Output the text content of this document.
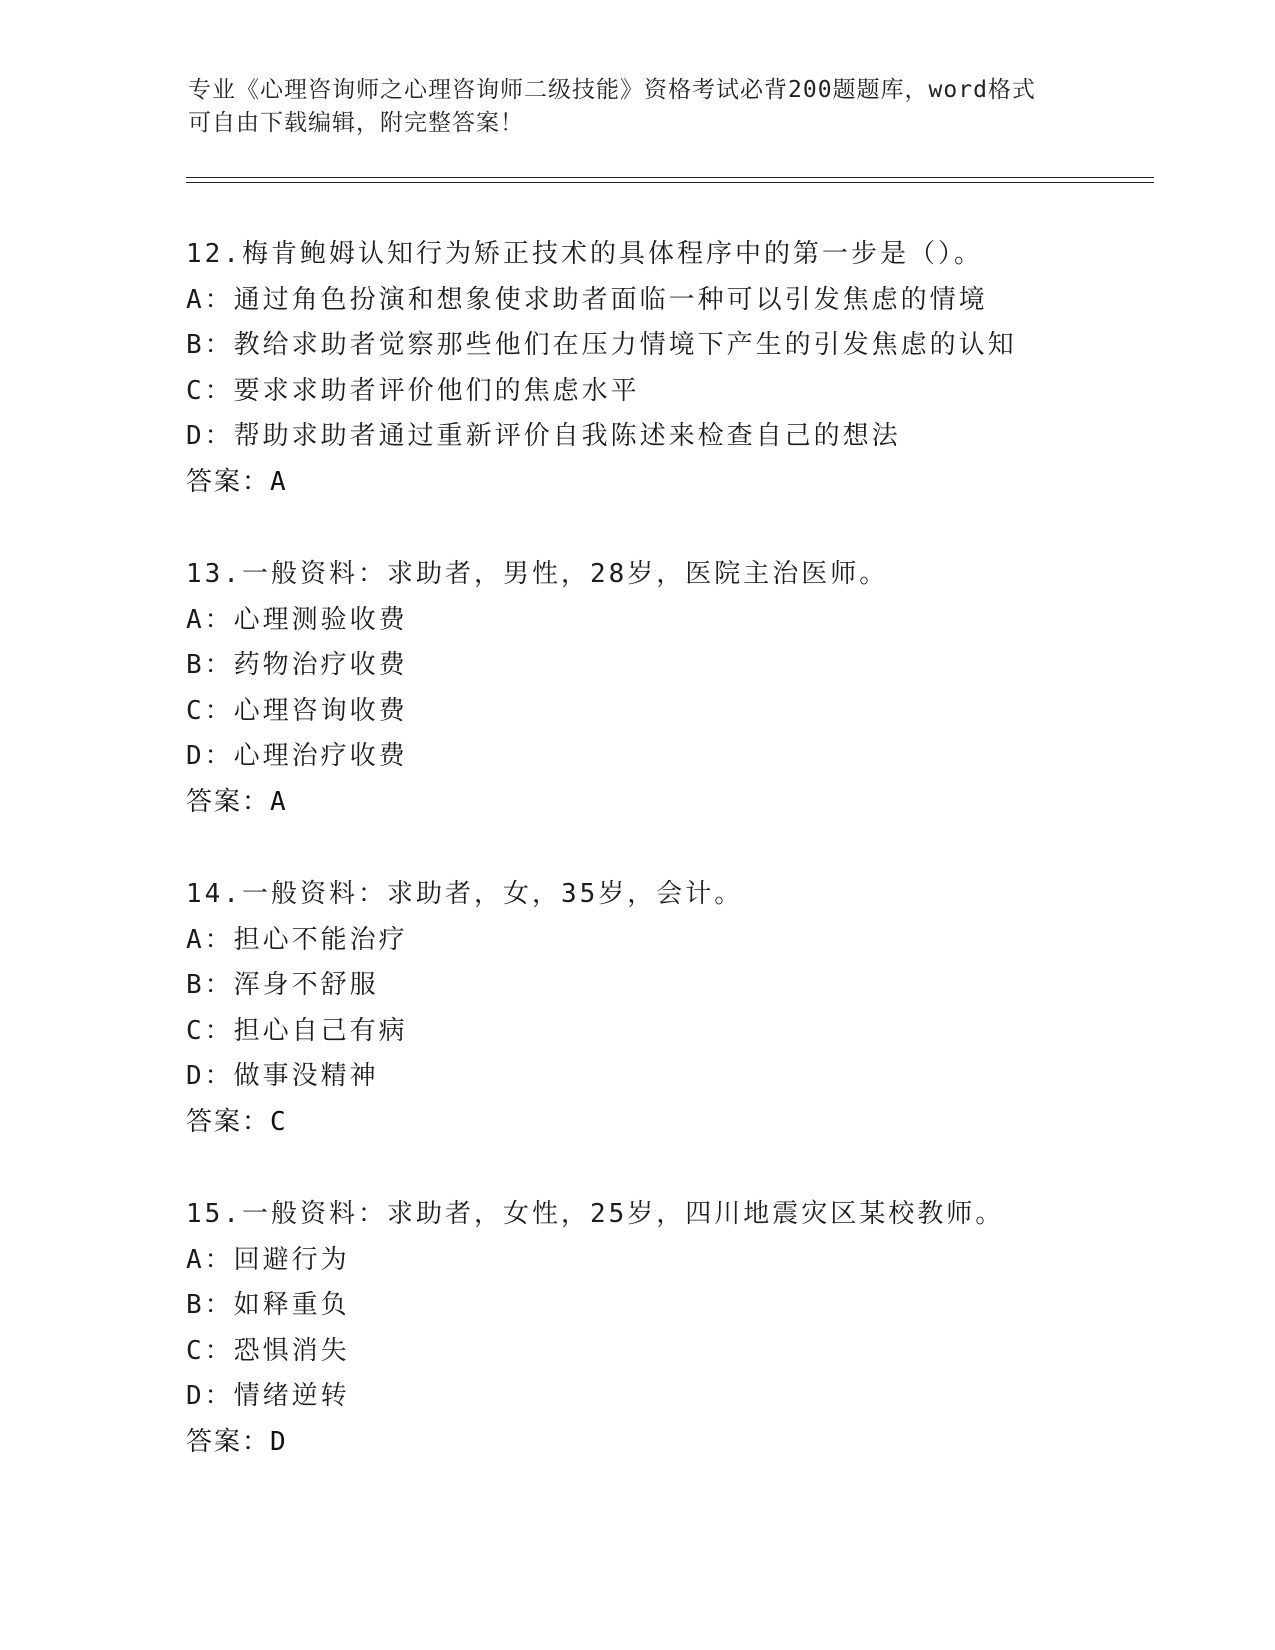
专业《心理咨询师之心理咨询师二级技能》资格考试必背200题题库，word格式
可自由下载编辑，附完整答案！
12.梅肯鲍姆认知行为矫正技术的具体程序中的第一步是（）。
A：通过角色扮演和想象使求助者面临一种可以引发焦虑的情境
B：教给求助者觉察那些他们在压力情境下产生的引发焦虑的认知
C：要求求助者评价他们的焦虑水平
D：帮助求助者通过重新评价自我陈述来检查自己的想法
答案：A
13.一般资料：求助者，男性，28岁，医院主治医师。
A：心理测验收费
B：药物治疗收费
C：心理咨询收费
D：心理治疗收费
答案：A
14.一般资料：求助者，女，35岁，会计。
A：担心不能治疗
B：浑身不舒服
C：担心自己有病
D：做事没精神
答案：C
15.一般资料：求助者，女性，25岁，四川地震灾区某校教师。
A：回避行为
B：如释重负
C：恐惧消失
D：情绪逆转
答案：D
